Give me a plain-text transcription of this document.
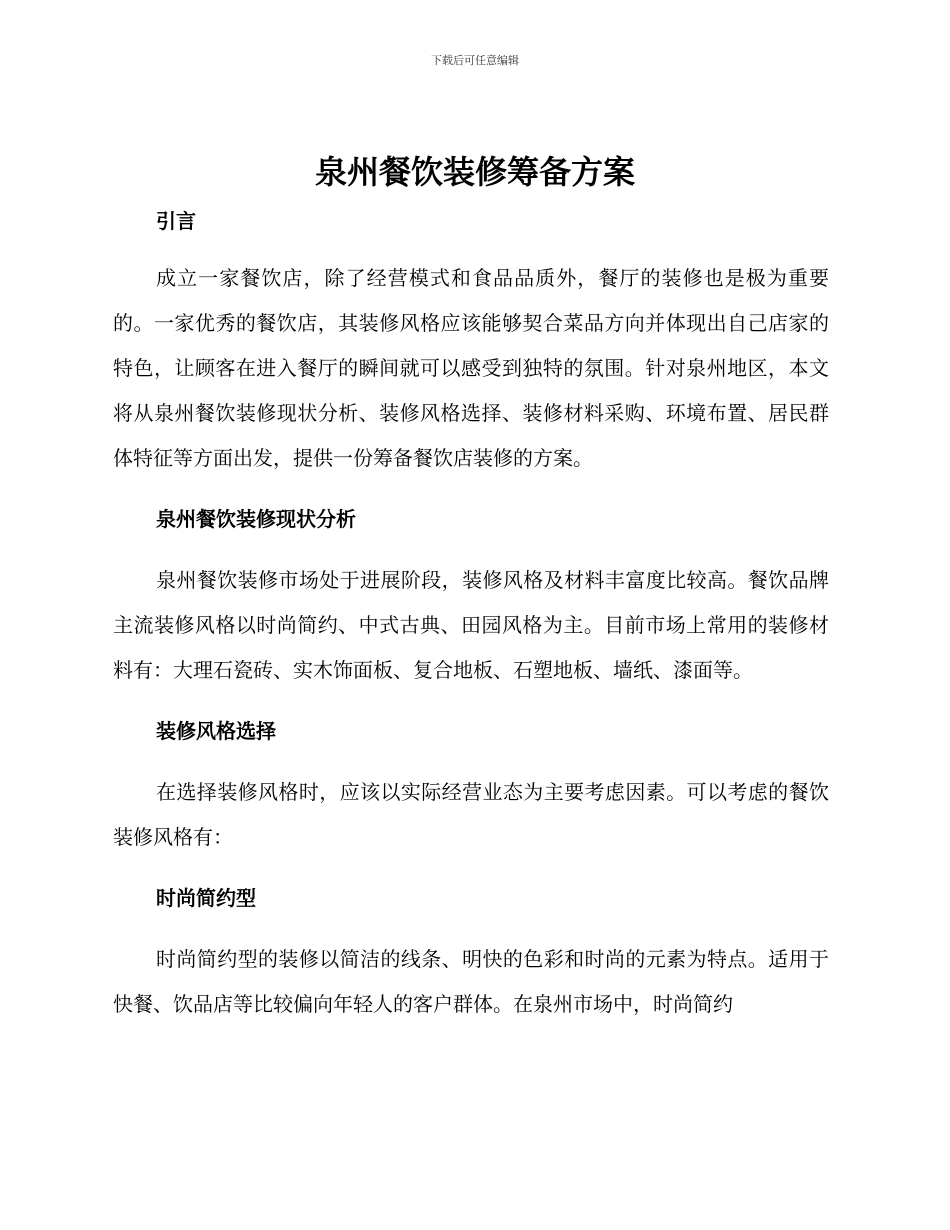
下载后可任意编辑
泉州餐饮装修筹备方案
引言

成立一家餐饮店，除了经营模式和食品品质外，餐厅的装修也是极为重要的。一家优秀的餐饮店，其装修风格应该能够契合菜品方向并体现出自己店家的特色，让顾客在进入餐厅的瞬间就可以感受到独特的氛围。针对泉州地区，本文将从泉州餐饮装修现状分析、装修风格选择、装修材料采购、环境布置、居民群体特征等方面出发，提供一份筹备餐饮店装修的方案。

泉州餐饮装修现状分析

泉州餐饮装修市场处于进展阶段，装修风格及材料丰富度比较高。餐饮品牌主流装修风格以时尚简约、中式古典、田园风格为主。目前市场上常用的装修材料有：大理石瓷砖、实木饰面板、复合地板、石塑地板、墙纸、漆面等。

装修风格选择

在选择装修风格时，应该以实际经营业态为主要考虑因素。可以考虑的餐饮装修风格有：

时尚简约型

时尚简约型的装修以简洁的线条、明快的色彩和时尚的元素为特点。适用于快餐、饮品店等比较偏向年轻人的客户群体。在泉州市场中，时尚简约
